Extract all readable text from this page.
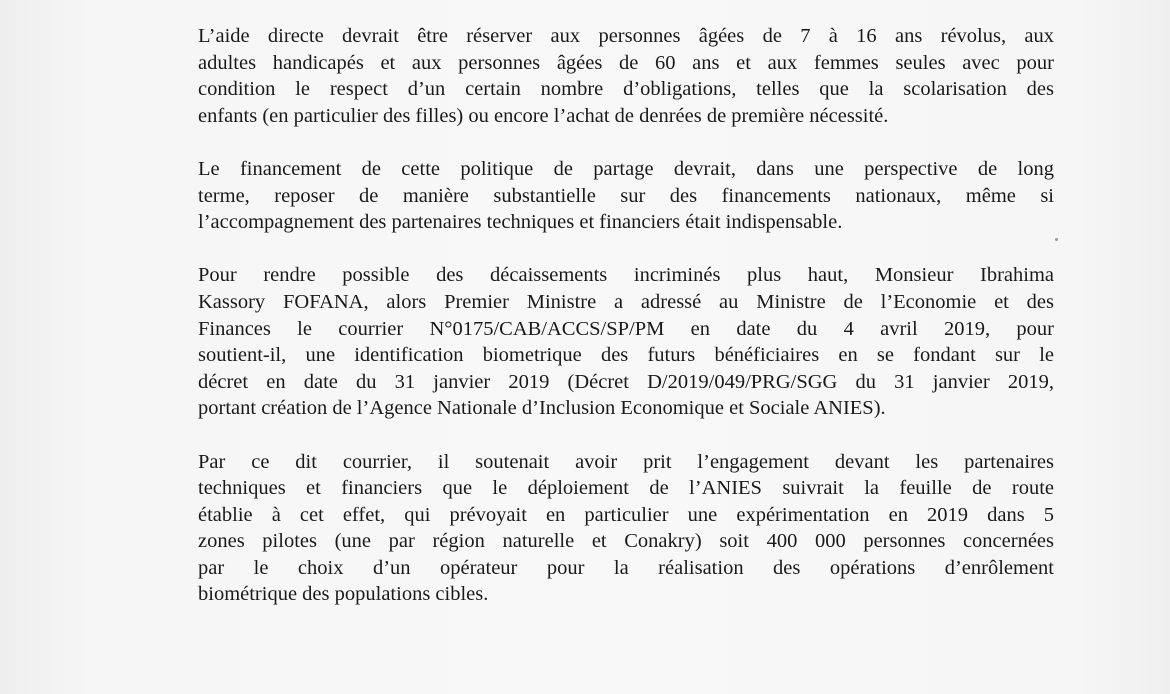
L’aide directe devrait être réserver aux personnes âgées de 7 à 16 ans révolus, aux
adultes handicapés et aux personnes âgées de 60 ans et aux femmes seules avec pour
condition le respect d’un certain nombre d’obligations, telles que la scolarisation des
enfants (en particulier des filles) ou encore l’achat de denrées de première nécessité.

Le financement de cette politique de partage devrait, dans une perspective de long
terme, reposer de manière substantielle sur des financements nationaux, même si
l’accompagnement des partenaires techniques et financiers était indispensable.

Pour rendre possible des décaissements incriminés plus haut, Monsieur Ibrahima
Kassory FOFANA, alors Premier Ministre a adressé au Ministre de l’Economie et des
Finances le courrier N°0175/CAB/ACCS/SP/PM en date du 4 avril 2019, pour
soutient-il, une identification biometrique des futurs bénéficiaires en se fondant sur le
décret en date du 31 janvier 2019 (Décret D/2019/049/PRG/SGG du 31 janvier 2019,
portant création de l’Agence Nationale d’Inclusion Economique et Sociale ANIES).

Par ce dit courrier, il soutenait avoir prit l’engagement devant les partenaires
techniques et financiers que le déploiement de l’ANIES suivrait la feuille de route
établie à cet effet, qui prévoyait en particulier une expérimentation en 2019 dans 5
zones pilotes (une par région naturelle et Conakry) soit 400 000 personnes concernées
par le choix d’un opérateur pour la réalisation des opérations d’enrôlement
biométrique des populations cibles.
